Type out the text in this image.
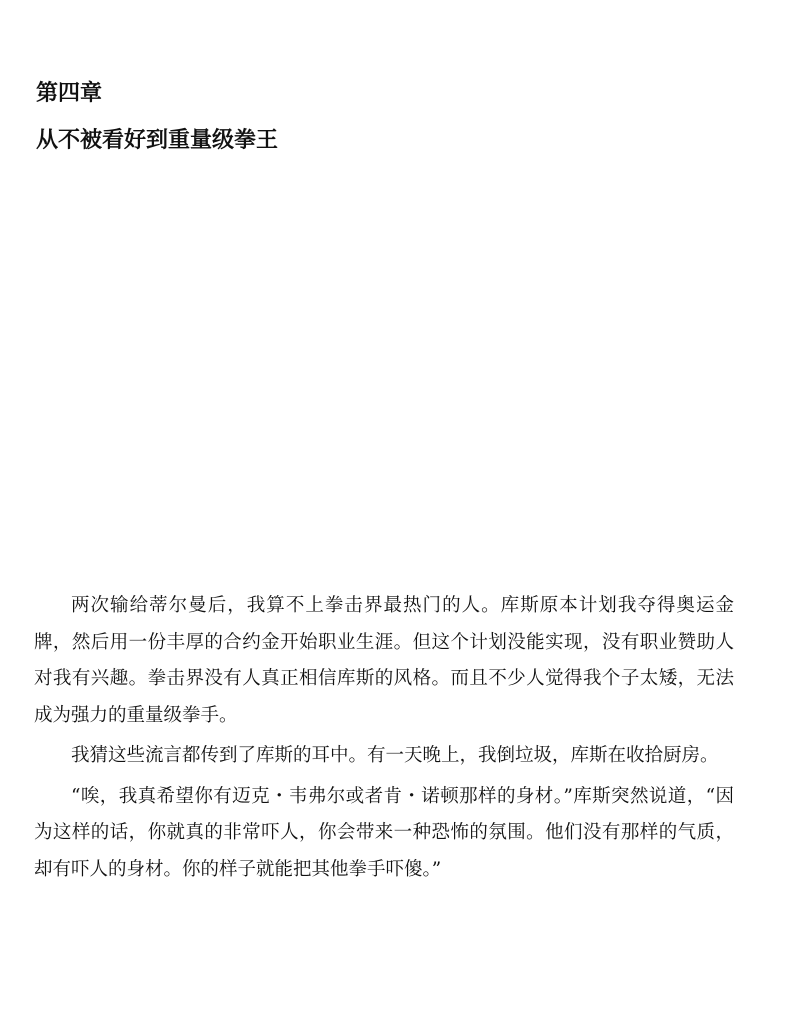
第四章
从不被看好到重量级拳王

两次输给蒂尔曼后，我算不上拳击界最热门的人。库斯原本计划我夺得奥运金牌，然后用一份丰厚的合约金开始职业生涯。但这个计划没能实现，没有职业赞助人对我有兴趣。拳击界没有人真正相信库斯的风格。而且不少人觉得我个子太矮，无法成为强力的重量级拳手。

我猜这些流言都传到了库斯的耳中。有一天晚上，我倒垃圾，库斯在收拾厨房。

“唉，我真希望你有迈克・韦弗尔或者肯・诺顿那样的身材。”库斯突然说道，“因为这样的话，你就真的非常吓人，你会带来一种恐怖的氛围。他们没有那样的气质，却有吓人的身材。你的样子就能把其他拳手吓傻。”
